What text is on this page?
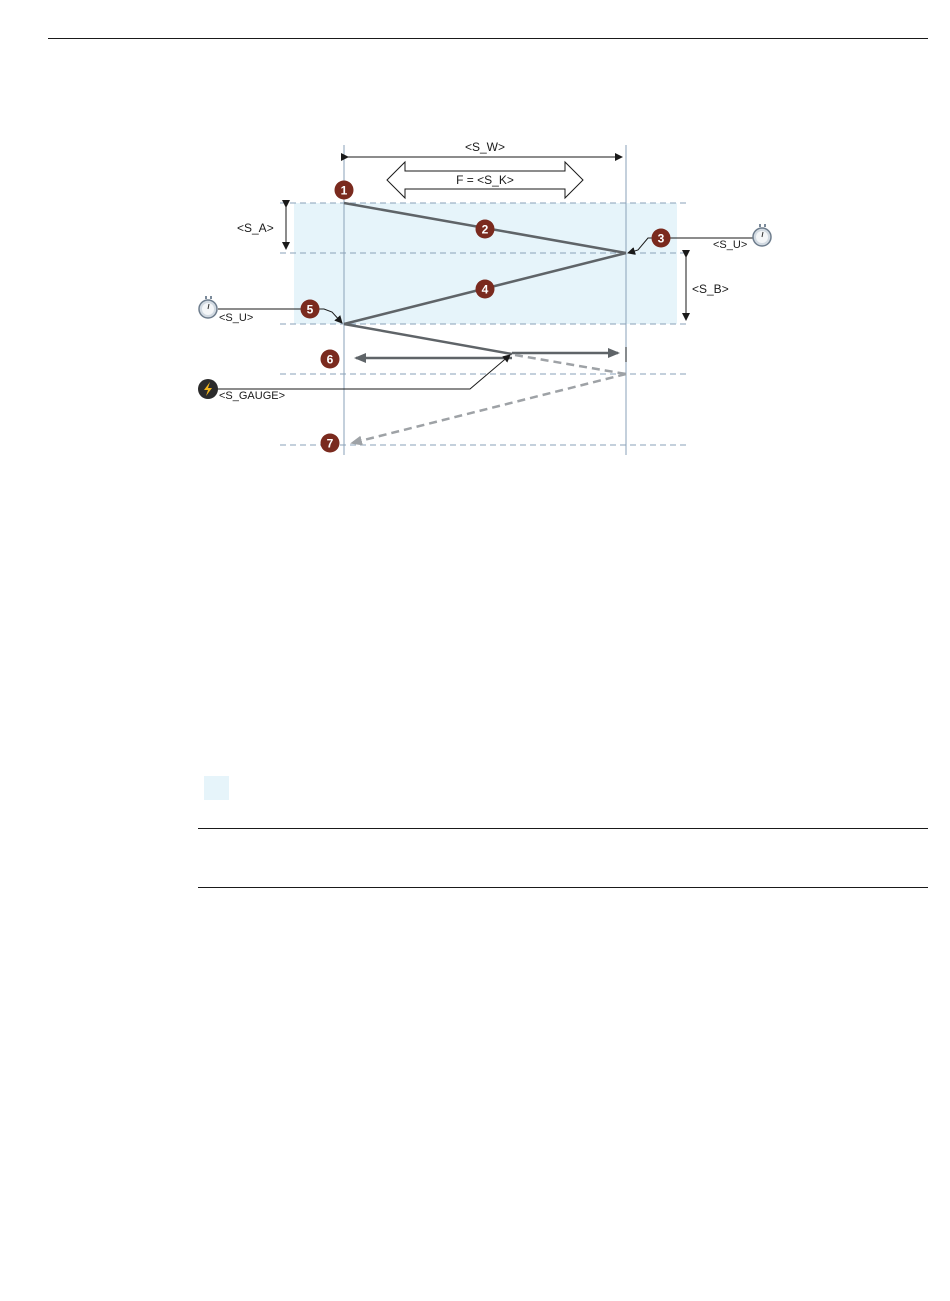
<S_W>
F = <S_K>
<S_A>
<S_B>
<S_U>
<S_U>
<S_GAUGE>
1
2
3
4
5
6
7
